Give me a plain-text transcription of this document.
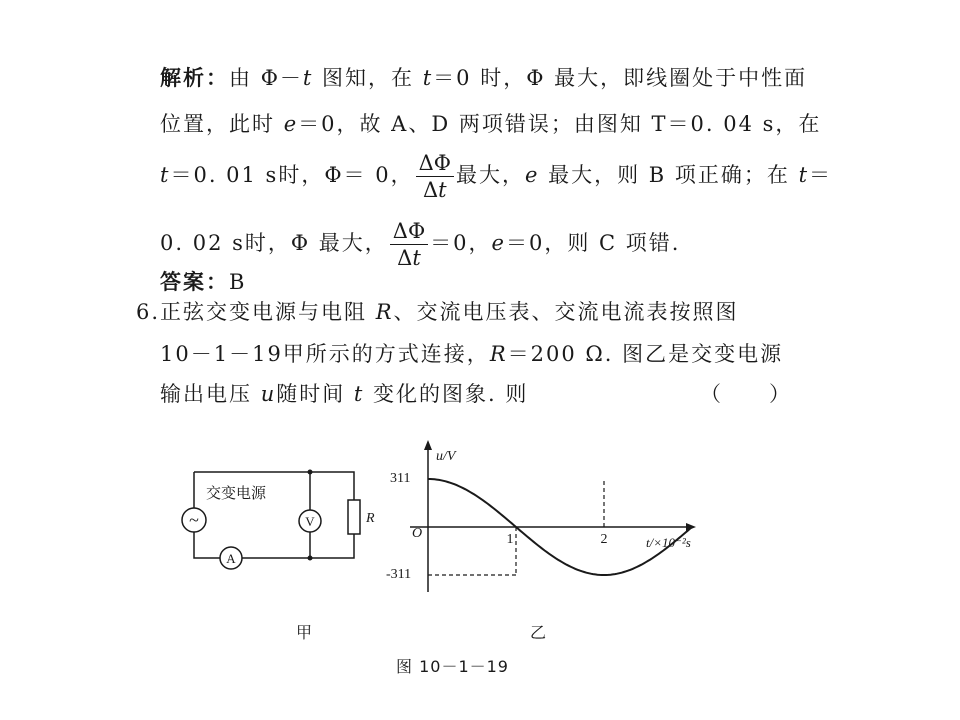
解析：由 Φ－t 图知，在 t＝0 时，Φ 最大，即线圈处于中性面
位置，此时 e＝0，故 A、D 两项错误；由图知 T＝0. 04 s，在
t＝0. 01 s时，Φ＝ 0， $\frac{\Delta\Phi}{\Delta t}$ 最大，e 最大，则 B 项正确；在 t＝
0. 02 s时，Φ 最大， $\frac{\Delta\Phi}{\Delta t} =0$，e＝0，则 C 项错.
答案：B
6.正弦交变电源与电阻 R、交流电压表、交流电流表按照图
10－1－19甲所示的方式连接，R＝200 Ω. 图乙是交变电源
输出电压 u随时间 t 变化的图象. 则	（　　）
~	V
A
R
交变电源
u/V
O
t/×10⁻²s
311
-311
1	2
甲	乙
图 10－1－19
